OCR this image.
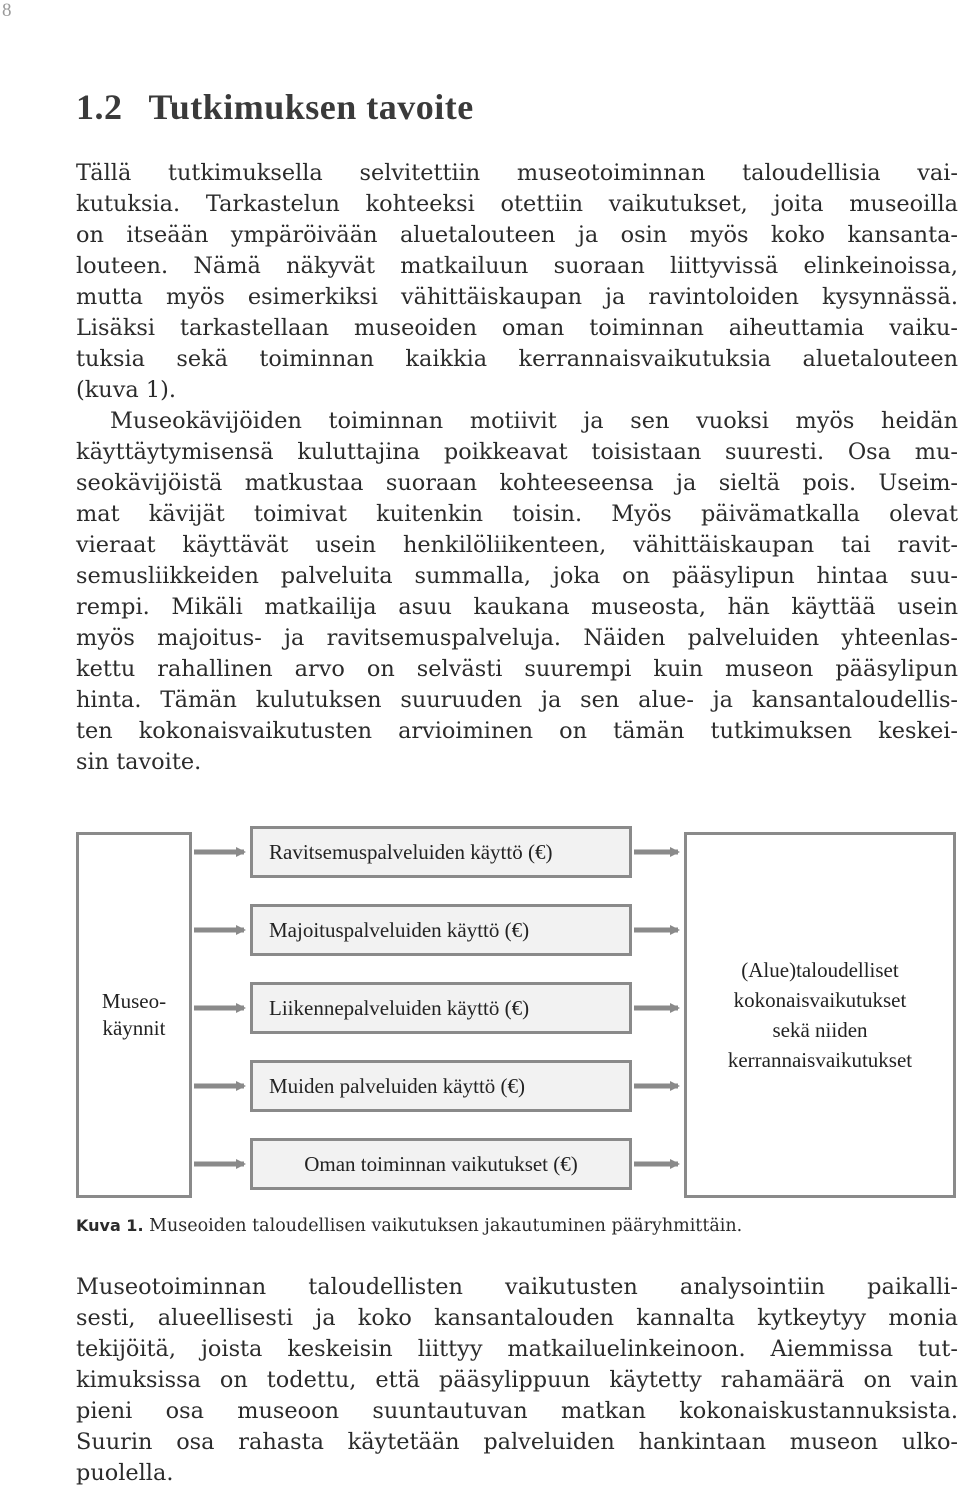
8
1.2 Tutkimuksen tavoite
Tällä tutkimuksella selvitettiin museotoiminnan taloudellisia vai-
kutuksia. Tarkastelun kohteeksi otettiin vaikutukset, joita museoilla
on itseään ympäröivään aluetalouteen ja osin myös koko kansanta-
louteen. Nämä näkyvät matkailuun suoraan liittyvissä elinkeinoissa,
mutta myös esimerkiksi vähittäiskaupan ja ravintoloiden kysynnässä.
Lisäksi tarkastellaan museoiden oman toiminnan aiheuttamia vaiku-
tuksia sekä toiminnan kaikkia kerrannaisvaikutuksia aluetalouteen
(kuva 1).
Museokävijöiden toiminnan motiivit ja sen vuoksi myös heidän
käyttäytymisensä kuluttajina poikkeavat toisistaan suuresti. Osa mu-
seokävijöistä matkustaa suoraan kohteeseensa ja sieltä pois. Useim-
mat kävijät toimivat kuitenkin toisin. Myös päivämatkalla olevat
vieraat käyttävät usein henkilöliikenteen, vähittäiskaupan tai ravit-
semusliikkeiden palveluita summalla, joka on pääsylipun hintaa suu-
rempi. Mikäli matkailija asuu kaukana museosta, hän käyttää usein
myös majoitus- ja ravitsemuspalveluja. Näiden palveluiden yhteenlas-
kettu rahallinen arvo on selvästi suurempi kuin museon pääsylipun
hinta. Tämän kulutuksen suuruuden ja sen alue- ja kansantaloudellis-
ten kokonaisvaikutusten arvioiminen on tämän tutkimuksen keskei-
sin tavoite.
Museo-
käynnit
Ravitsemuspalveluiden käyttö (€)
Majoituspalveluiden käyttö (€)
Liikennepalveluiden käyttö (€)
Muiden palveluiden käyttö (€)
Oman toiminnan vaikutukset (€)
(Alue)taloudelliset
kokonaisvaikutukset
sekä niiden
kerrannaisvaikutukset

Kuva 1. Museoiden taloudellisen vaikutuksen jakautuminen pääryhmittäin.

Museotoiminnan taloudellisten vaikutusten analysointiin paikalli-
sesti, alueellisesti ja koko kansantalouden kannalta kytkeytyy monia
tekijöitä, joista keskeisin liittyy matkailuelinkeinoon. Aiemmissa tut-
kimuksissa on todettu, että pääsylippuun käytetty rahamäärä on vain
pieni osa museoon suuntautuvan matkan kokonaiskustannuksista.
Suurin osa rahasta käytetään palveluiden hankintaan museon ulko-
puolella.
